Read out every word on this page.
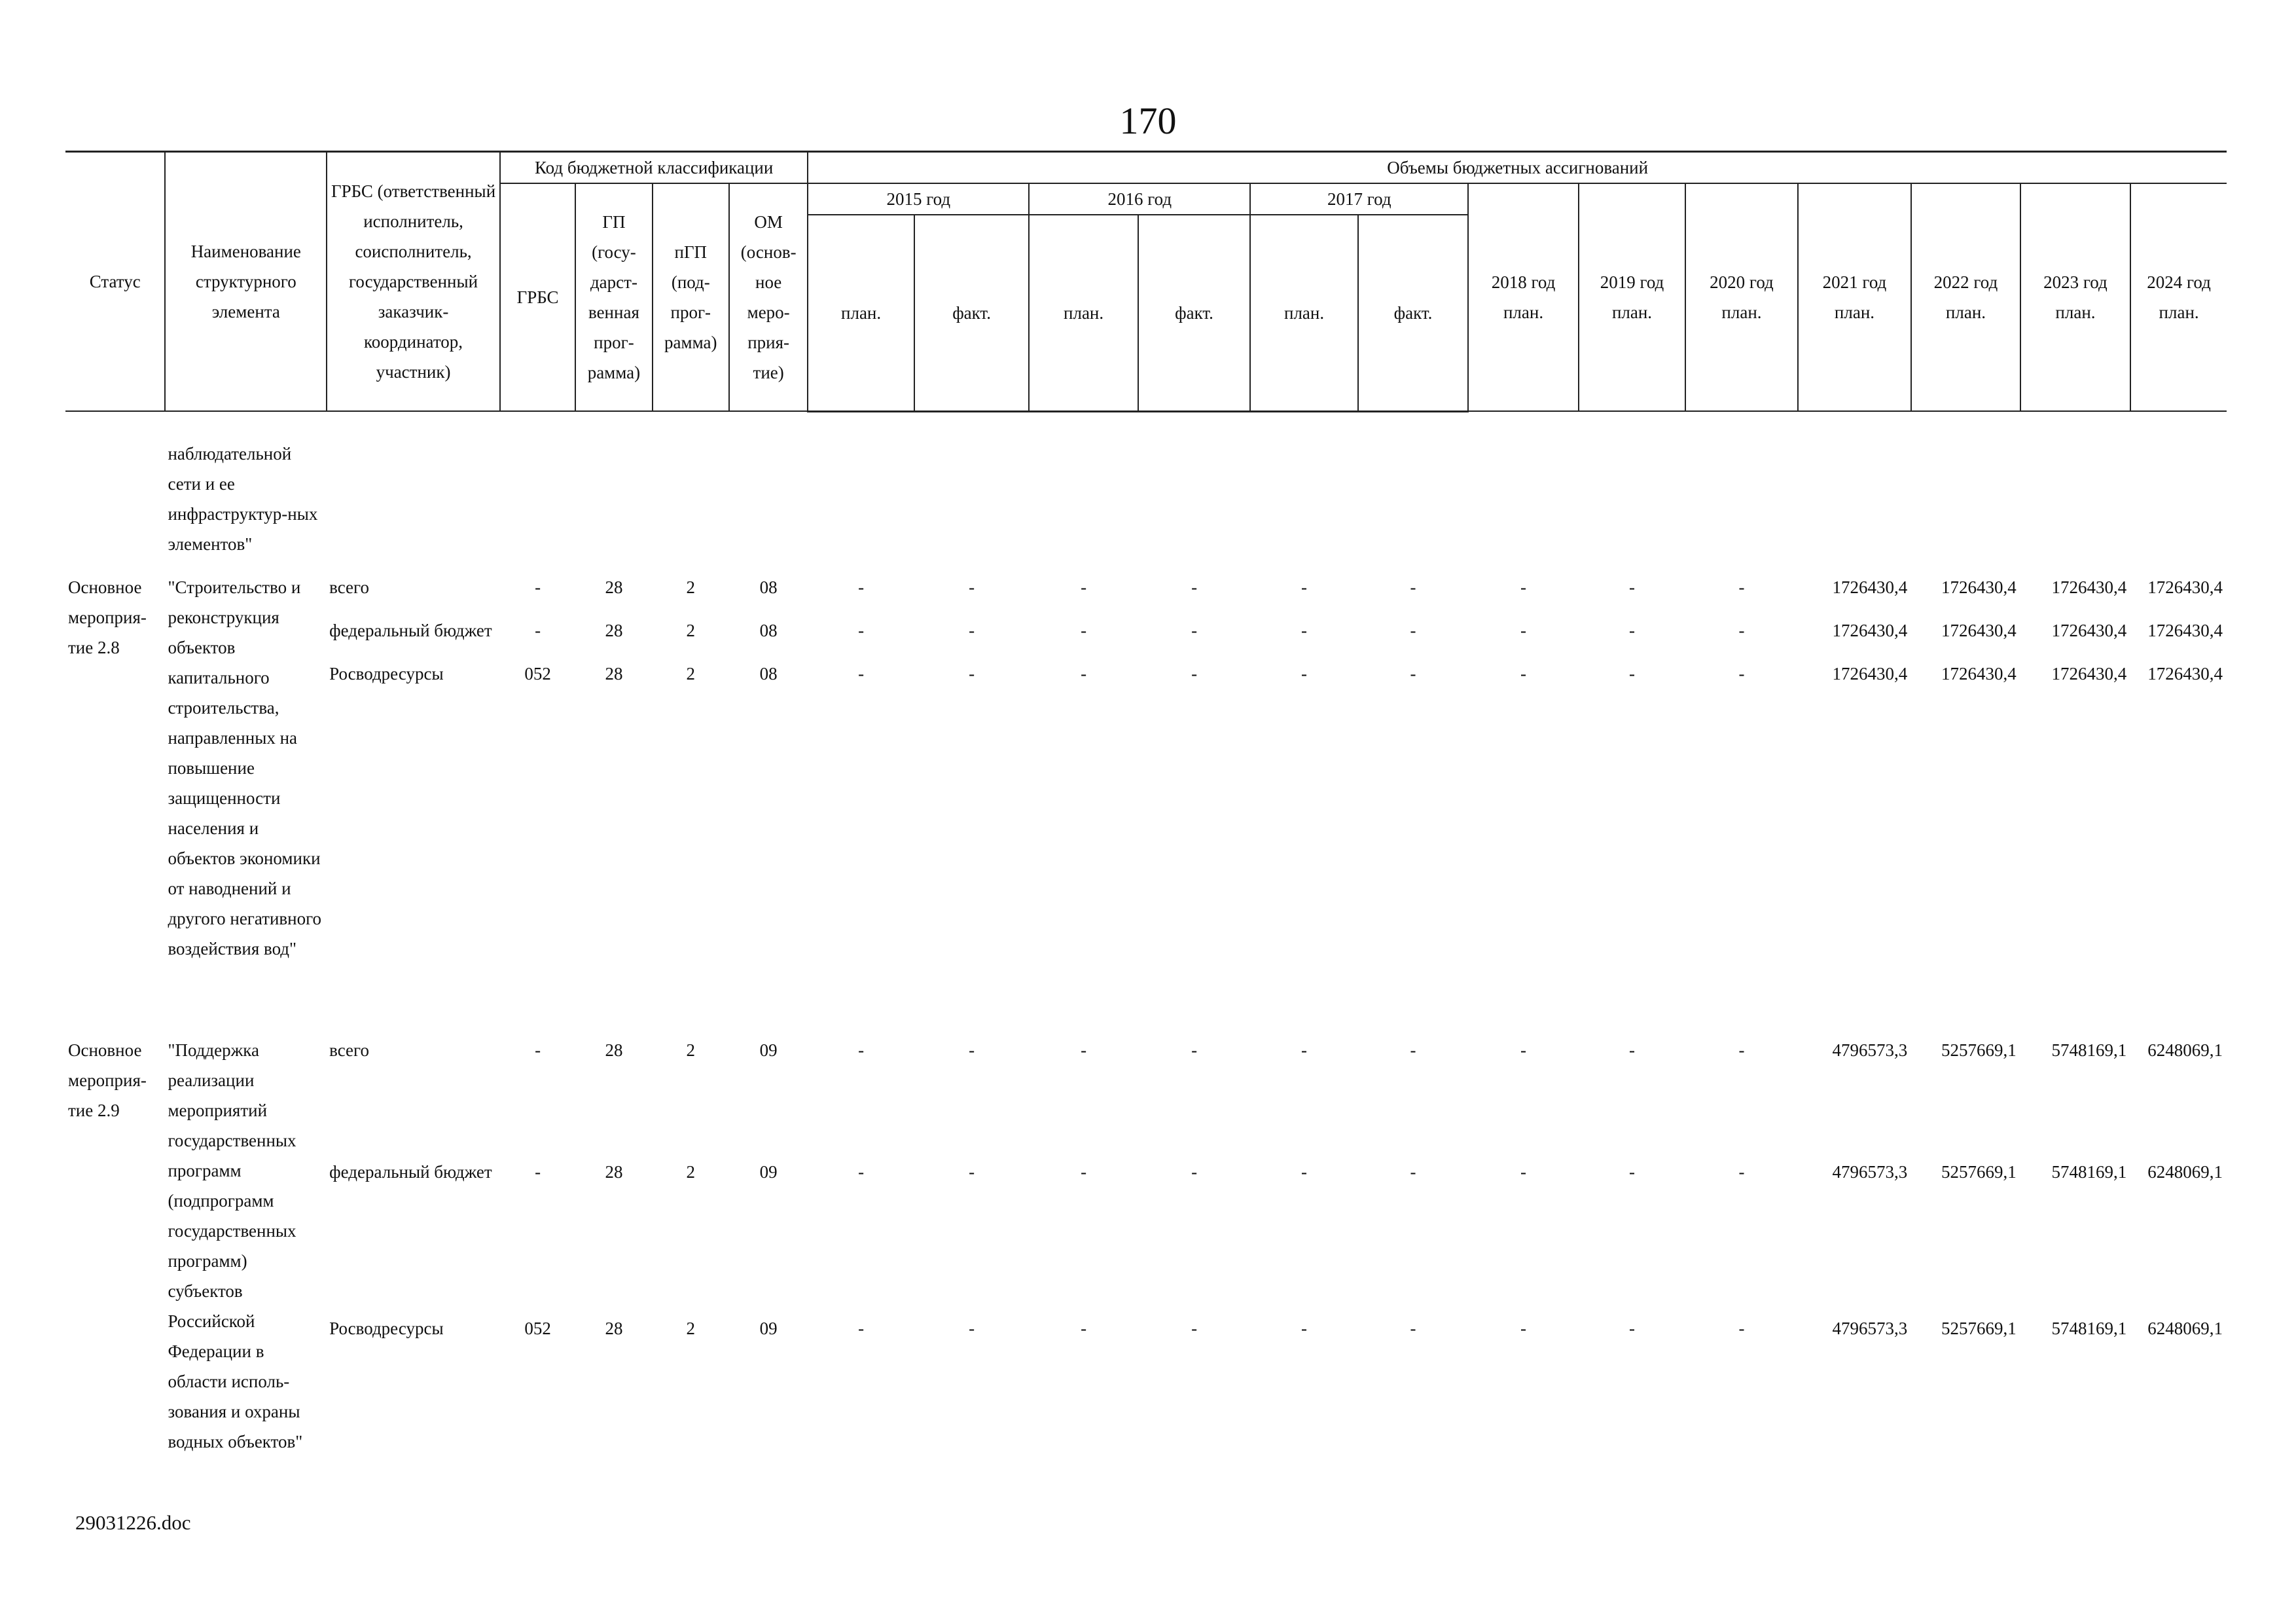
170
Статус	Наименование структурного элемента	ГРБС (ответственный исполнитель, соисполнитель, государственный заказчик-координатор, участник)	Код бюджетной классификации				Объемы бюджетных ассигнований												
			ГРБС	ГП (госу-дарст-венная прог-рамма)	пГП (под-прог-рамма)	ОМ (основ-ное меро-прия-тие)	2015 год		2016 год		2017 год		2018 год план.	2019 год план.	2020 год план.	2021 год план.	2022 год план.	2023 год план.	2024 год план.
							план.	факт.	план.	факт.	план.	факт.							

	наблюдательной сети и ее инфраструктур-ных элементов"																		

Основное мероприя-тие 2.8	"Строительство и реконструкция объектов капитального строительства, направленных на повышение защищенности населения и объектов экономики от наводнений и другого негативного воздействия вод"	всего	-	28	2	08	-	-	-	-	-	-	-	-	-	1726430,4	1726430,4	1726430,4	1726430,4
		федеральный бюджет	-	28	2	08	-	-	-	-	-	-	-	-	-	1726430,4	1726430,4	1726430,4	1726430,4
		Росводресурсы	052	28	2	08	-	-	-	-	-	-	-	-	-	1726430,4	1726430,4	1726430,4	1726430,4

Основное мероприя-тие 2.9	"Поддержка реализации мероприятий государственных программ (подпрограмм государственных программ) субъектов Российской Федерации в области исполь-зования и охраны водных объектов"	всего	-	28	2	09	-	-	-	-	-	-	-	-	-	4796573,3	5257669,1	5748169,1	6248069,1
		федеральный бюджет	-	28	2	09	-	-	-	-	-	-	-	-	-	4796573,3	5257669,1	5748169,1	6248069,1
		Росводресурсы	052	28	2	09	-	-	-	-	-	-	-	-	-	4796573,3	5257669,1	5748169,1	6248069,1
29031226.doc
